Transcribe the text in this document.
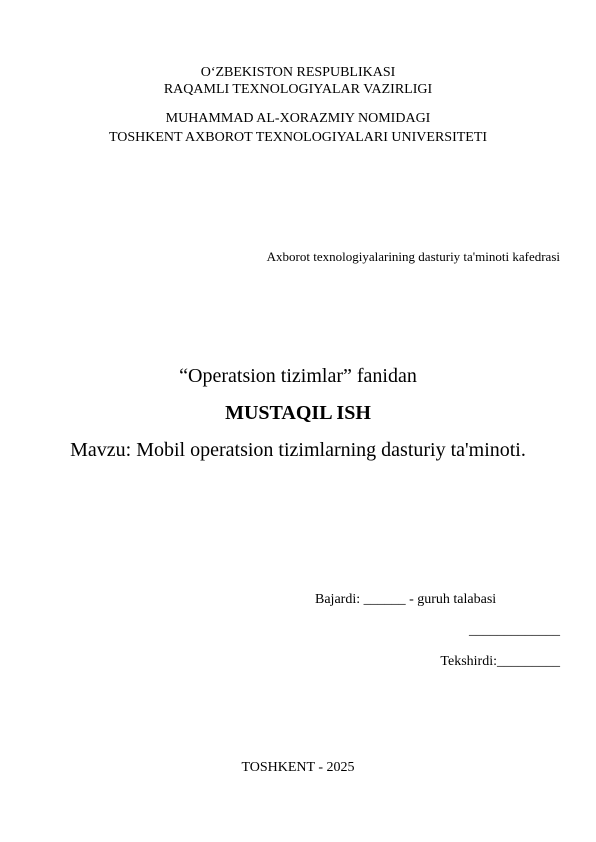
O‘ZBEKISTON RESPUBLIKASI
RAQAMLI TEXNOLOGIYALAR VAZIRLIGI
MUHAMMAD AL-XORAZMIY NOMIDAGI
TOSHKENT AXBOROT TEXNOLOGIYALARI UNIVERSITETI
Axborot texnologiyalarining dasturiy ta'minoti kafedrasi
“Operatsion tizimlar” fanidan
MUSTAQIL ISH
Mavzu: Mobil operatsion tizimlarning dasturiy ta'minoti.
Bajardi: ______ - guruh talabasi
_____________
Tekshirdi:_________
TOSHKENT - 2025
